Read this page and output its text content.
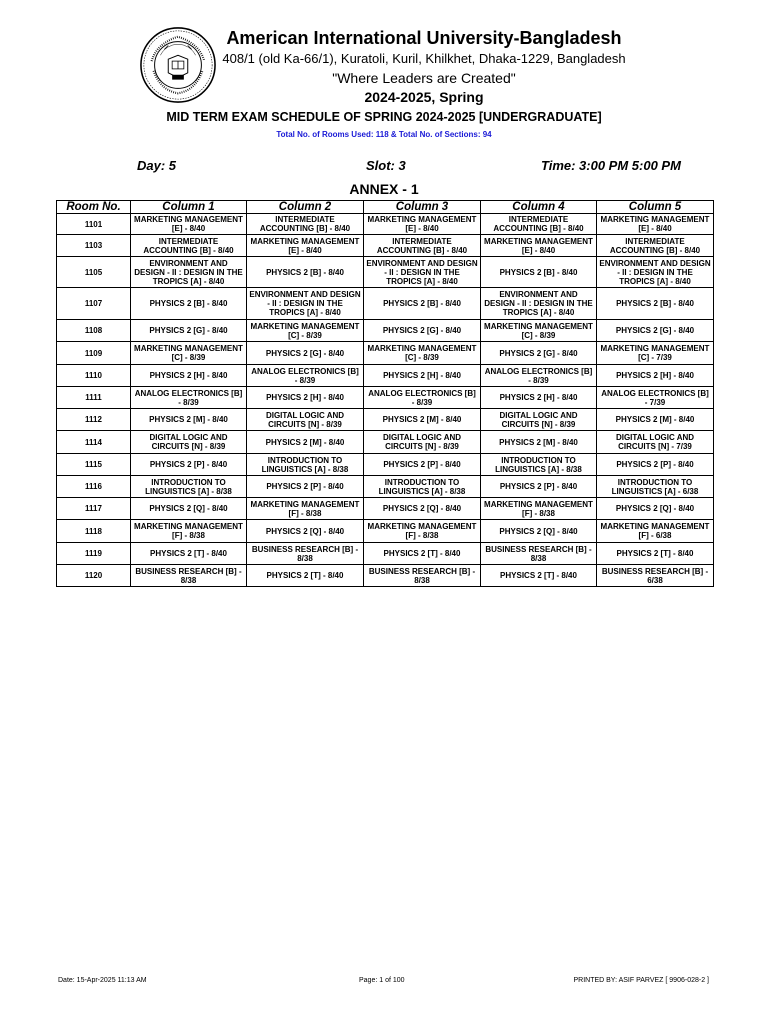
American International University-Bangladesh
408/1 (old Ka-66/1), Kuratoli, Kuril, Khilkhet, Dhaka-1229, Bangladesh
"Where Leaders are Created"
2024-2025, Spring
MID TERM EXAM SCHEDULE OF SPRING 2024-2025 [UNDERGRADUATE]
Total No. of Rooms Used: 118 & Total No. of Sections: 94
Day: 5	Slot: 3	Time: 3:00 PM 5:00 PM
ANNEX - 1
Room No.	Column 1	Column 2	Column 3	Column 4	Column 5
1101	MARKETING MANAGEMENT [E] - 8/40	INTERMEDIATE ACCOUNTING [B] - 8/40	MARKETING MANAGEMENT [E] - 8/40	INTERMEDIATE ACCOUNTING [B] - 8/40	MARKETING MANAGEMENT [E] - 8/40
1103	INTERMEDIATE ACCOUNTING [B] - 8/40	MARKETING MANAGEMENT [E] - 8/40	INTERMEDIATE ACCOUNTING [B] - 8/40	MARKETING MANAGEMENT [E] - 8/40	INTERMEDIATE ACCOUNTING [B] - 8/40
1105	ENVIRONMENT AND DESIGN - II : DESIGN IN THE TROPICS [A] - 8/40	PHYSICS 2 [B] - 8/40	ENVIRONMENT AND DESIGN - II : DESIGN IN THE TROPICS [A] - 8/40	PHYSICS 2 [B] - 8/40	ENVIRONMENT AND DESIGN - II : DESIGN IN THE TROPICS [A] - 8/40
1107	PHYSICS 2 [B] - 8/40	ENVIRONMENT AND DESIGN - II : DESIGN IN THE TROPICS [A] - 8/40	PHYSICS 2 [B] - 8/40	ENVIRONMENT AND DESIGN - II : DESIGN IN THE TROPICS [A] - 8/40	PHYSICS 2 [B] - 8/40
1108	PHYSICS 2 [G] - 8/40	MARKETING MANAGEMENT [C] - 8/39	PHYSICS 2 [G] - 8/40	MARKETING MANAGEMENT [C] - 8/39	PHYSICS 2 [G] - 8/40
1109	MARKETING MANAGEMENT [C] - 8/39	PHYSICS 2 [G] - 8/40	MARKETING MANAGEMENT [C] - 8/39	PHYSICS 2 [G] - 8/40	MARKETING MANAGEMENT [C] - 7/39
1110	PHYSICS 2 [H] - 8/40	ANALOG ELECTRONICS [B] - 8/39	PHYSICS 2 [H] - 8/40	ANALOG ELECTRONICS [B] - 8/39	PHYSICS 2 [H] - 8/40
1111	ANALOG ELECTRONICS [B] - 8/39	PHYSICS 2 [H] - 8/40	ANALOG ELECTRONICS [B] - 8/39	PHYSICS 2 [H] - 8/40	ANALOG ELECTRONICS [B] - 7/39
1112	PHYSICS 2 [M] - 8/40	DIGITAL LOGIC AND CIRCUITS [N] - 8/39	PHYSICS 2 [M] - 8/40	DIGITAL LOGIC AND CIRCUITS [N] - 8/39	PHYSICS 2 [M] - 8/40
1114	DIGITAL LOGIC AND CIRCUITS [N] - 8/39	PHYSICS 2 [M] - 8/40	DIGITAL LOGIC AND CIRCUITS [N] - 8/39	PHYSICS 2 [M] - 8/40	DIGITAL LOGIC AND CIRCUITS [N] - 7/39
1115	PHYSICS 2 [P] - 8/40	INTRODUCTION TO LINGUISTICS [A] - 8/38	PHYSICS 2 [P] - 8/40	INTRODUCTION TO LINGUISTICS [A] - 8/38	PHYSICS 2 [P] - 8/40
1116	INTRODUCTION TO LINGUISTICS [A] - 8/38	PHYSICS 2 [P] - 8/40	INTRODUCTION TO LINGUISTICS [A] - 8/38	PHYSICS 2 [P] - 8/40	INTRODUCTION TO LINGUISTICS [A] - 6/38
1117	PHYSICS 2 [Q] - 8/40	MARKETING MANAGEMENT [F] - 8/38	PHYSICS 2 [Q] - 8/40	MARKETING MANAGEMENT [F] - 8/38	PHYSICS 2 [Q] - 8/40
1118	MARKETING MANAGEMENT [F] - 8/38	PHYSICS 2 [Q] - 8/40	MARKETING MANAGEMENT [F] - 8/38	PHYSICS 2 [Q] - 8/40	MARKETING MANAGEMENT [F] - 6/38
1119	PHYSICS 2 [T] - 8/40	BUSINESS RESEARCH [B] - 8/38	PHYSICS 2 [T] - 8/40	BUSINESS RESEARCH [B] - 8/38	PHYSICS 2 [T] - 8/40
1120	BUSINESS RESEARCH [B] - 8/38	PHYSICS 2 [T] - 8/40	BUSINESS RESEARCH [B] - 8/38	PHYSICS 2 [T] - 8/40	BUSINESS RESEARCH [B] - 6/38
Date: 15-Apr-2025 11:13 AM	Page: 1 of 100	PRINTED BY: ASIF PARVEZ [ 9906-028-2 ]
